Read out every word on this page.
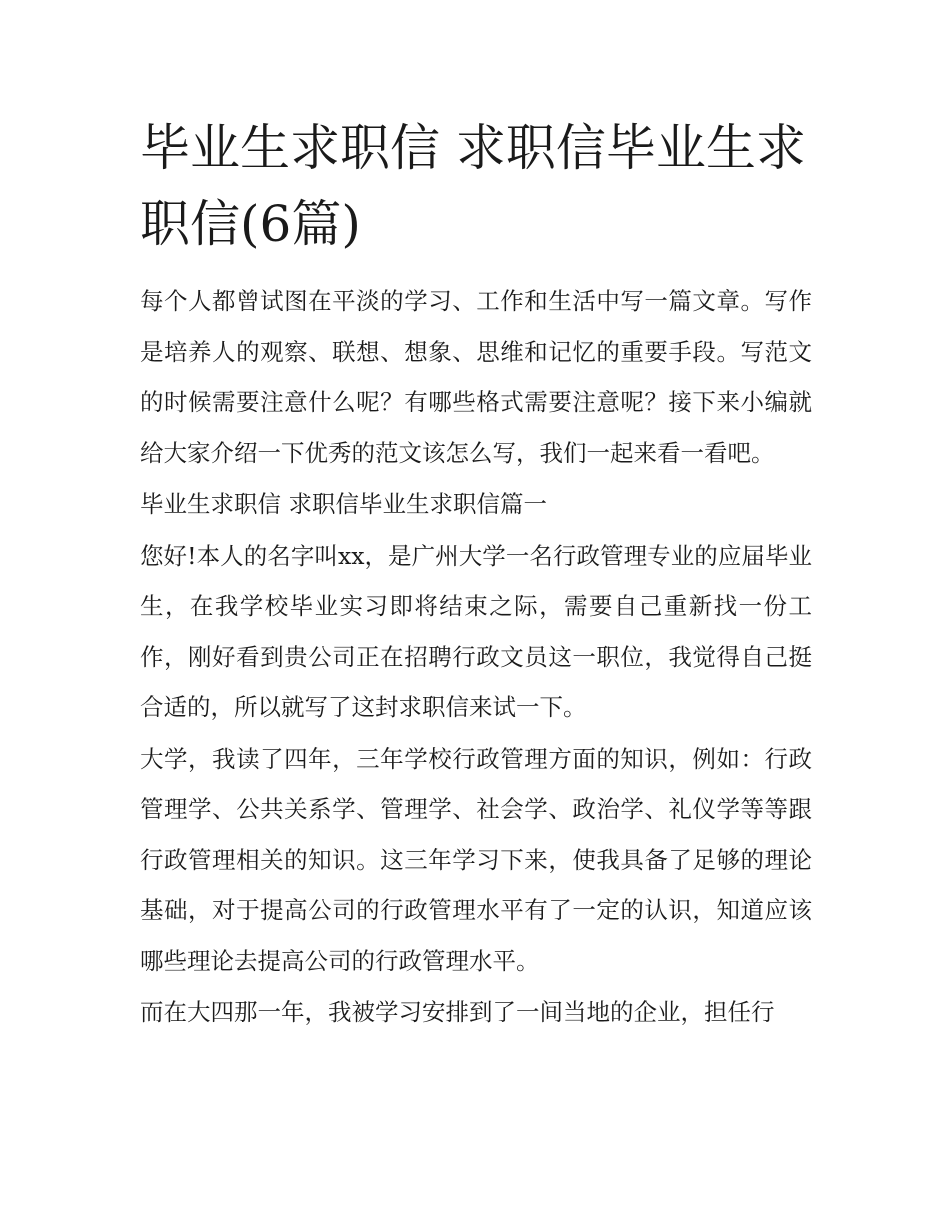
毕业生求职信 求职信毕业生求职信(6篇)

每个人都曾试图在平淡的学习、工作和生活中写一篇文章。写作是培养人的观察、联想、想象、思维和记忆的重要手段。写范文的时候需要注意什么呢？有哪些格式需要注意呢？接下来小编就给大家介绍一下优秀的范文该怎么写，我们一起来看一看吧。

毕业生求职信 求职信毕业生求职信篇一

您好!本人的名字叫xx，是广州大学一名行政管理专业的应届毕业生，在我学校毕业实习即将结束之际，需要自己重新找一份工作，刚好看到贵公司正在招聘行政文员这一职位，我觉得自己挺合适的，所以就写了这封求职信来试一下。

大学，我读了四年，三年学校行政管理方面的知识，例如：行政管理学、公共关系学、管理学、社会学、政治学、礼仪学等等跟行政管理相关的知识。这三年学习下来，使我具备了足够的理论基础，对于提高公司的行政管理水平有了一定的认识，知道应该哪些理论去提高公司的行政管理水平。

而在大四那一年，我被学习安排到了一间当地的企业，担任行
